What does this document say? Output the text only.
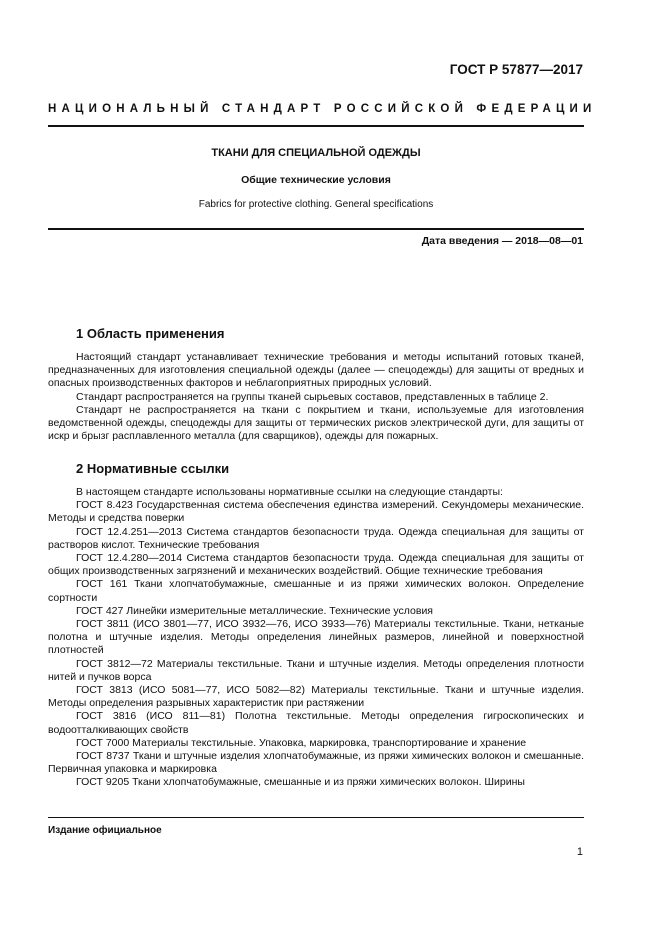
ГОСТ Р 57877—2017
НАЦИОНАЛЬНЫЙ СТАНДАРТ РОССИЙСКОЙ ФЕДЕРАЦИИ
ТКАНИ ДЛЯ СПЕЦИАЛЬНОЙ ОДЕЖДЫ
Общие технические условия
Fabrics for protective clothing. General specifications
Дата введения — 2018—08—01
1 Область применения

Настоящий стандарт устанавливает технические требования и методы испытаний готовых тканей, предназначенных для изготовления специальной одежды (далее — спецодежды) для защиты от вредных и опасных производственных факторов и неблагоприятных природных условий.

Стандарт распространяется на группы тканей сырьевых составов, представленных в таблице 2.

Стандарт не распространяется на ткани с покрытием и ткани, используемые для изготовления ведомственной одежды, спецодежды для защиты от термических рисков электрической дуги, для защиты от искр и брызг расплавленного металла (для сварщиков), одежды для пожарных.

2 Нормативные ссылки

В настоящем стандарте использованы нормативные ссылки на следующие стандарты:

ГОСТ 8.423 Государственная система обеспечения единства измерений. Секундомеры механические. Методы и средства поверки

ГОСТ 12.4.251—2013 Система стандартов безопасности труда. Одежда специальная для защиты от растворов кислот. Технические требования

ГОСТ 12.4.280—2014 Система стандартов безопасности труда. Одежда специальная для защиты от общих производственных загрязнений и механических воздействий. Общие технические требования

ГОСТ 161 Ткани хлопчатобумажные, смешанные и из пряжи химических волокон. Определение сортности

ГОСТ 427 Линейки измерительные металлические. Технические условия

ГОСТ 3811 (ИСО 3801—77, ИСО 3932—76, ИСО 3933—76) Материалы текстильные. Ткани, нетканые полотна и штучные изделия. Методы определения линейных размеров, линейной и поверхностной плотностей

ГОСТ 3812—72 Материалы текстильные. Ткани и штучные изделия. Методы определения плотности нитей и пучков ворса

ГОСТ 3813 (ИСО 5081—77, ИСО 5082—82) Материалы текстильные. Ткани и штучные изделия. Методы определения разрывных характеристик при растяжении

ГОСТ 3816 (ИСО 811—81) Полотна текстильные. Методы определения гигроскопических и водоотталкивающих свойств

ГОСТ 7000 Материалы текстильные. Упаковка, маркировка, транспортирование и хранение

ГОСТ 8737 Ткани и штучные изделия хлопчатобумажные, из пряжи химических волокон и смешанные. Первичная упаковка и маркировка

ГОСТ 9205 Ткани хлопчатобумажные, смешанные и из пряжи химических волокон. Ширины

Издание официальное
1
